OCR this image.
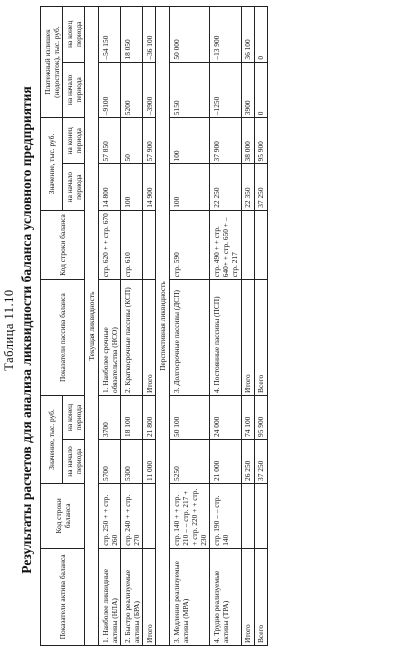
Таблица 11.10 Результаты расчетов для анализа ликвидности баланса условного предприятия

Показатели актива баланса	Код строки баланса	Значение, тыс. руб.		Показатели пассива баланса	Код строки баланса	Значение, тыс. руб.		Платежный излишек (недостаток), тыс. руб.	
		на начало периода	на конец периода			на начало периода	на конец периода	на начало периода	на конец периода
Текущая ликвидность									
1. Наиболее ликвидные активы (НЛА)	стр. 250 + + стр. 260	5700	3700	1. Наиболее срочные обязательства (НСО)	стр. 620 + + стр. 670	14 800	57 850	–9100	–54 150
2. Быстро реализуемые активы (БРА)	стр. 240 + + стр. 270	5300	18 100	2. Краткосрочные пассивы (КСП)	стр. 610	100	50	5200	18 050
Итого		11 000	21 800	Итого		14 900	57 900	–3900	–36 100
Перспективная ликвидность									
3. Медленно реализуемые активы (МРА)	стр. 140 + + стр. 210 – – стр. 217 + + стр. 220 + + стр. 230	5250	50 100	3. Долгосрочные пассивы (ДСП)	стр. 590	100	100	5150	50 000
4. Трудно реализуемые активы (ТРА)	стр. 190 – – стр. 140	21 000	24 000	4. Постоянные пассивы (ПСП)	стр. 490 + + стр. 640+ + стр. 650 + – стр. 217	22 250	37 900	–1250	–13 900
Итого		26 250	74 100	Итого		22 350	38 000	3900	36 100
Всего		37 250	95 900	Всего		37 250	95 900	0	0
